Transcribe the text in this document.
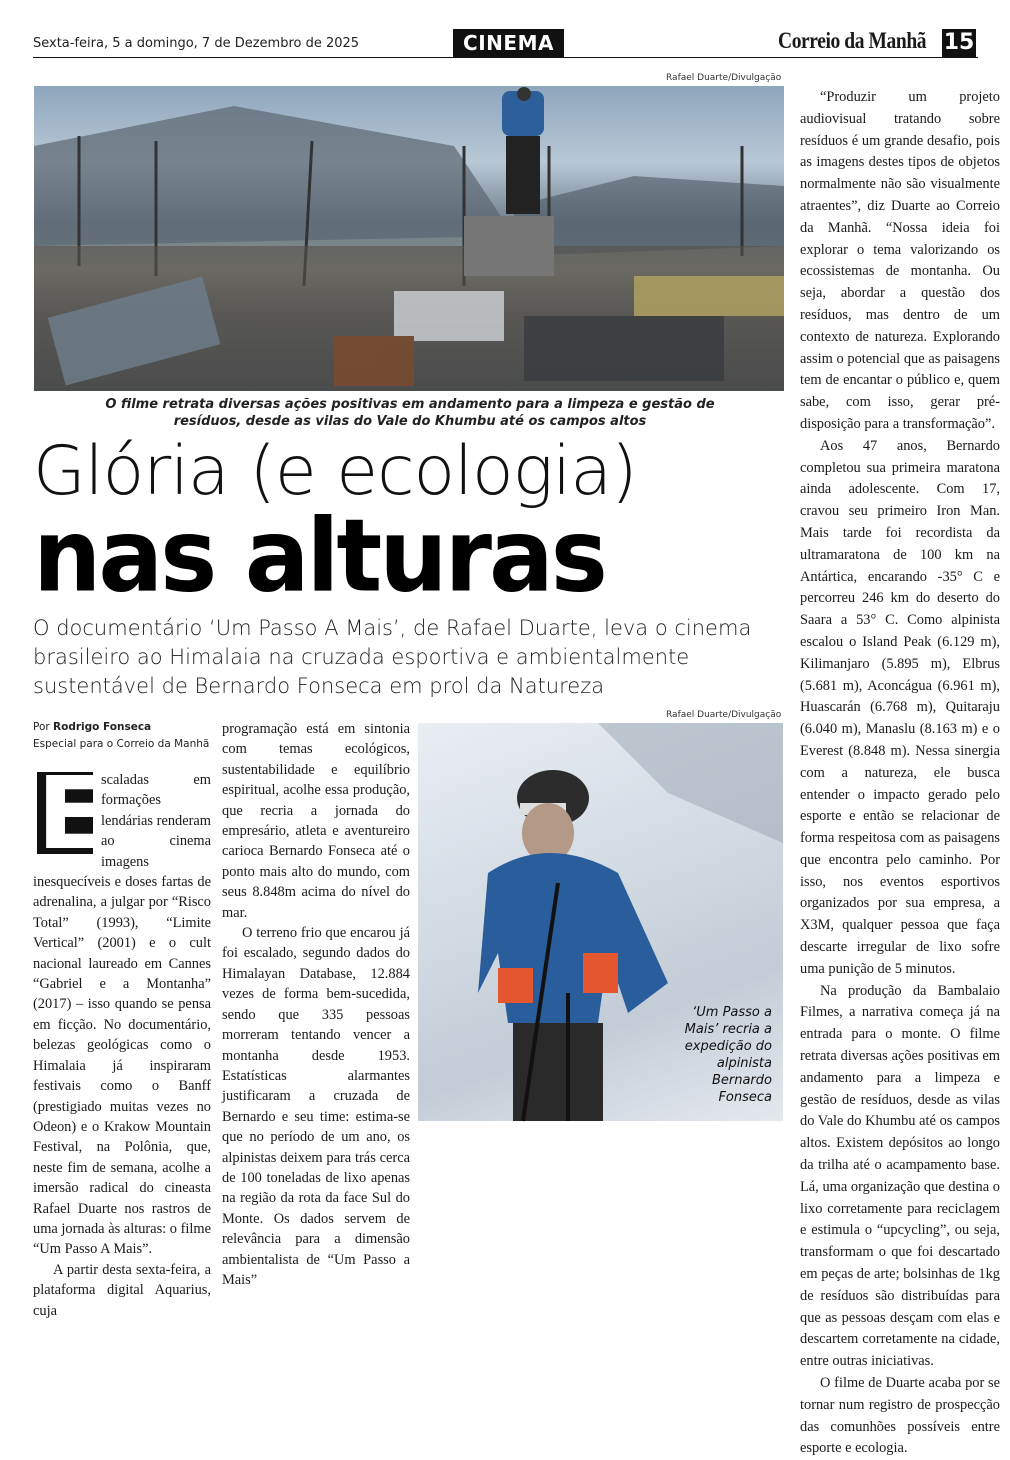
Sexta-feira, 5 a domingo, 7 de Dezembro de 2025	CINEMA	Correio da Manhã 15
Rafael Duarte/Divulgação
O filme retrata diversas ações positivas em andamento para a limpeza e gestão de resíduos, desde as vilas do Vale do Khumbu até os campos altos
Glória (e ecologia)
nas alturas
O documentário ‘Um Passo A Mais’, de Rafael Duarte, leva o cinema brasileiro ao Himalaia na cruzada esportiva e ambientalmente sustentável de Bernardo Fonseca em prol da Natureza
Por Rodrigo Fonseca
Especial para o Correio da Manhã

E
scaladas em formações lendárias renderam ao cinema imagens inesquecíveis e doses fartas de adrenalina, a julgar por “Risco Total” (1993), “Limite Vertical” (2001) e o cult nacional laureado em Cannes “Gabriel e a Montanha” (2017) – isso quando se pensa em ficção. No documentário, belezas geológicas como o Himalaia já inspiraram festivais como o Banff (prestigiado muitas vezes no Odeon) e o Krakow Mountain Festival, na Polônia, que, neste fim de semana, acolhe a imersão radical do cineasta Rafael Duarte nos rastros de uma jornada às alturas: o filme “Um Passo A Mais”.

A partir desta sexta-feira, a plataforma digital Aquarius, cuja

programação está em sintonia com temas ecológicos, sustentabilidade e equilíbrio espiritual, acolhe essa produção, que recria a jornada do empresário, atleta e aventureiro carioca Bernardo Fonseca até o ponto mais alto do mundo, com seus 8.848m acima do nível do mar.

O terreno frio que encarou já foi escalado, segundo dados do Himalayan Database, 12.884 vezes de forma bem-sucedida, sendo que 335 pessoas morreram tentando vencer a montanha desde 1953. Estatísticas alarmantes justificaram a cruzada de Bernardo e seu time: estima-se que no período de um ano, os alpinistas deixem para trás cerca de 100 toneladas de lixo apenas na região da rota da face Sul do Monte. Os dados servem de relevância para a dimensão ambientalista de “Um Passo a Mais”

Rafael Duarte/Divulgação
‘Um Passo a Mais’ recria a expedição do alpinista Bernardo Fonseca

“Produzir um projeto audiovisual tratando sobre resíduos é um grande desafio, pois as imagens destes tipos de objetos normalmente não são visualmente atraentes”, diz Duarte ao Correio da Manhã. “Nossa ideia foi explorar o tema valorizando os ecossistemas de montanha. Ou seja, abordar a questão dos resíduos, mas dentro de um contexto de natureza. Explorando assim o potencial que as paisagens tem de encantar o público e, quem sabe, com isso, gerar pré-disposição para a transformação”.

Aos 47 anos, Bernardo completou sua primeira maratona ainda adolescente. Com 17, cravou seu primeiro Iron Man. Mais tarde foi recordista da ultramaratona de 100 km na Antártica, encarando -35° C e percorreu 246 km do deserto do Saara a 53° C. Como alpinista escalou o Island Peak (6.129 m), Kilimanjaro (5.895 m), Elbrus (5.681 m), Aconcágua (6.961 m), Huascarán (6.768 m), Quitaraju (6.040 m), Manaslu (8.163 m) e o Everest (8.848 m). Nessa sinergia com a natureza, ele busca entender o impacto gerado pelo esporte e então se relacionar de forma respeitosa com as paisagens que encontra pelo caminho. Por isso, nos eventos esportivos organizados por sua empresa, a X3M, qualquer pessoa que faça descarte irregular de lixo sofre uma punição de 5 minutos.

Na produção da Bambalaio Filmes, a narrativa começa já na entrada para o monte. O filme retrata diversas ações positivas em andamento para a limpeza e gestão de resíduos, desde as vilas do Vale do Khumbu até os campos altos. Existem depósitos ao longo da trilha até o acampamento base. Lá, uma organização que destina o lixo corretamente para reciclagem e estimula o “upcycling”, ou seja, transformam o que foi descartado em peças de arte; bolsinhas de 1kg de resíduos são distribuídas para que as pessoas desçam com elas e descartem corretamente na cidade, entre outras iniciativas.

O filme de Duarte acaba por se tornar num registro de prospecção das comunhões possíveis entre esporte e ecologia.
